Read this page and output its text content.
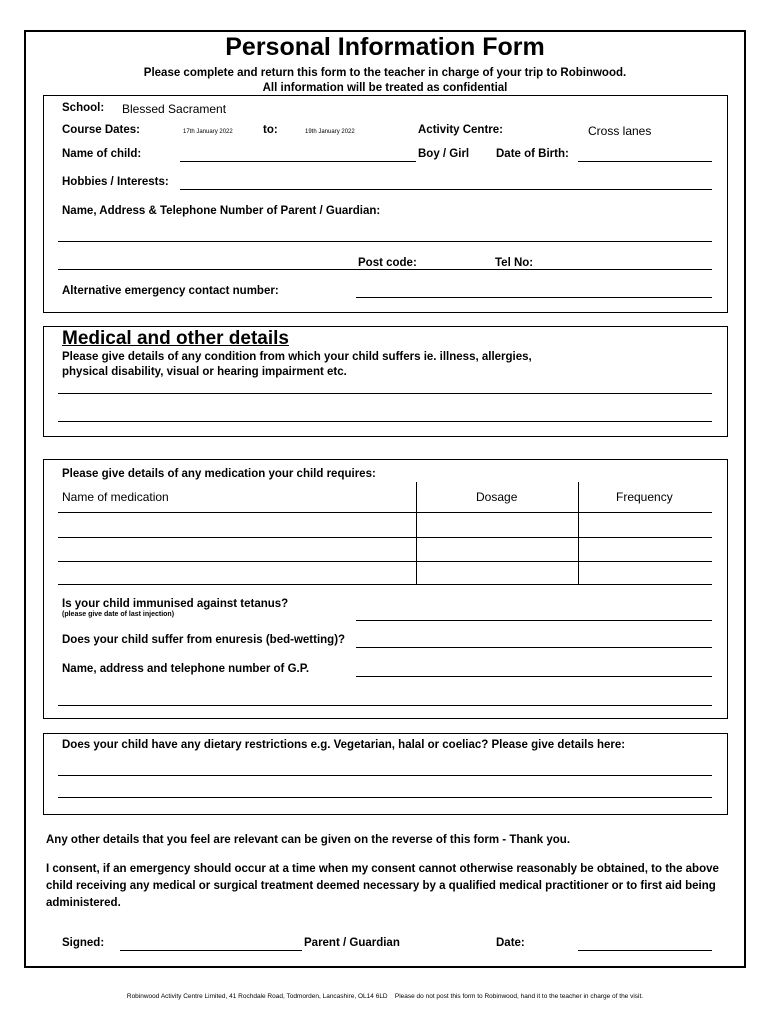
Personal Information Form
Please complete and return this form to the teacher in charge of your trip to Robinwood.
All information will be treated as confidential
School: Blessed Sacrament
Course Dates:	17th January 2022	to:	19th January 2022	Activity Centre:	Cross lanes
Name of child:	Boy / Girl Date of Birth:
Hobbies / Interests:
Name, Address & Telephone Number of Parent / Guardian:
Post code:	Tel No:
Alternative emergency contact number:
Medical and other details
Please give details of any condition from which your child suffers ie. illness, allergies,
physical disability, visual or hearing impairment etc.
Please give details of any medication your child requires:
Name of medication	Dosage	Frequency
Is your child immunised against tetanus?
(please give date of last injection)
Does your child suffer from enuresis (bed-wetting)?
Name, address and telephone number of G.P.
Does your child have any dietary restrictions e.g. Vegetarian, halal or coeliac? Please give details here:
Any other details that you feel are relevant can be given on the reverse of this form - Thank you.
I consent, if an emergency should occur at a time when my consent cannot otherwise reasonably be obtained, to the above child receiving any medical or surgical treatment deemed necessary by a qualified medical practitioner or to first aid being administered.
Signed:	Parent / Guardian	Date:
Robinwood Activity Centre Limited, 41 Rochdale Road, Todmorden, Lancashire, OL14 6LD Please do not post this form to Robinwood, hand it to the teacher in charge of the visit.
